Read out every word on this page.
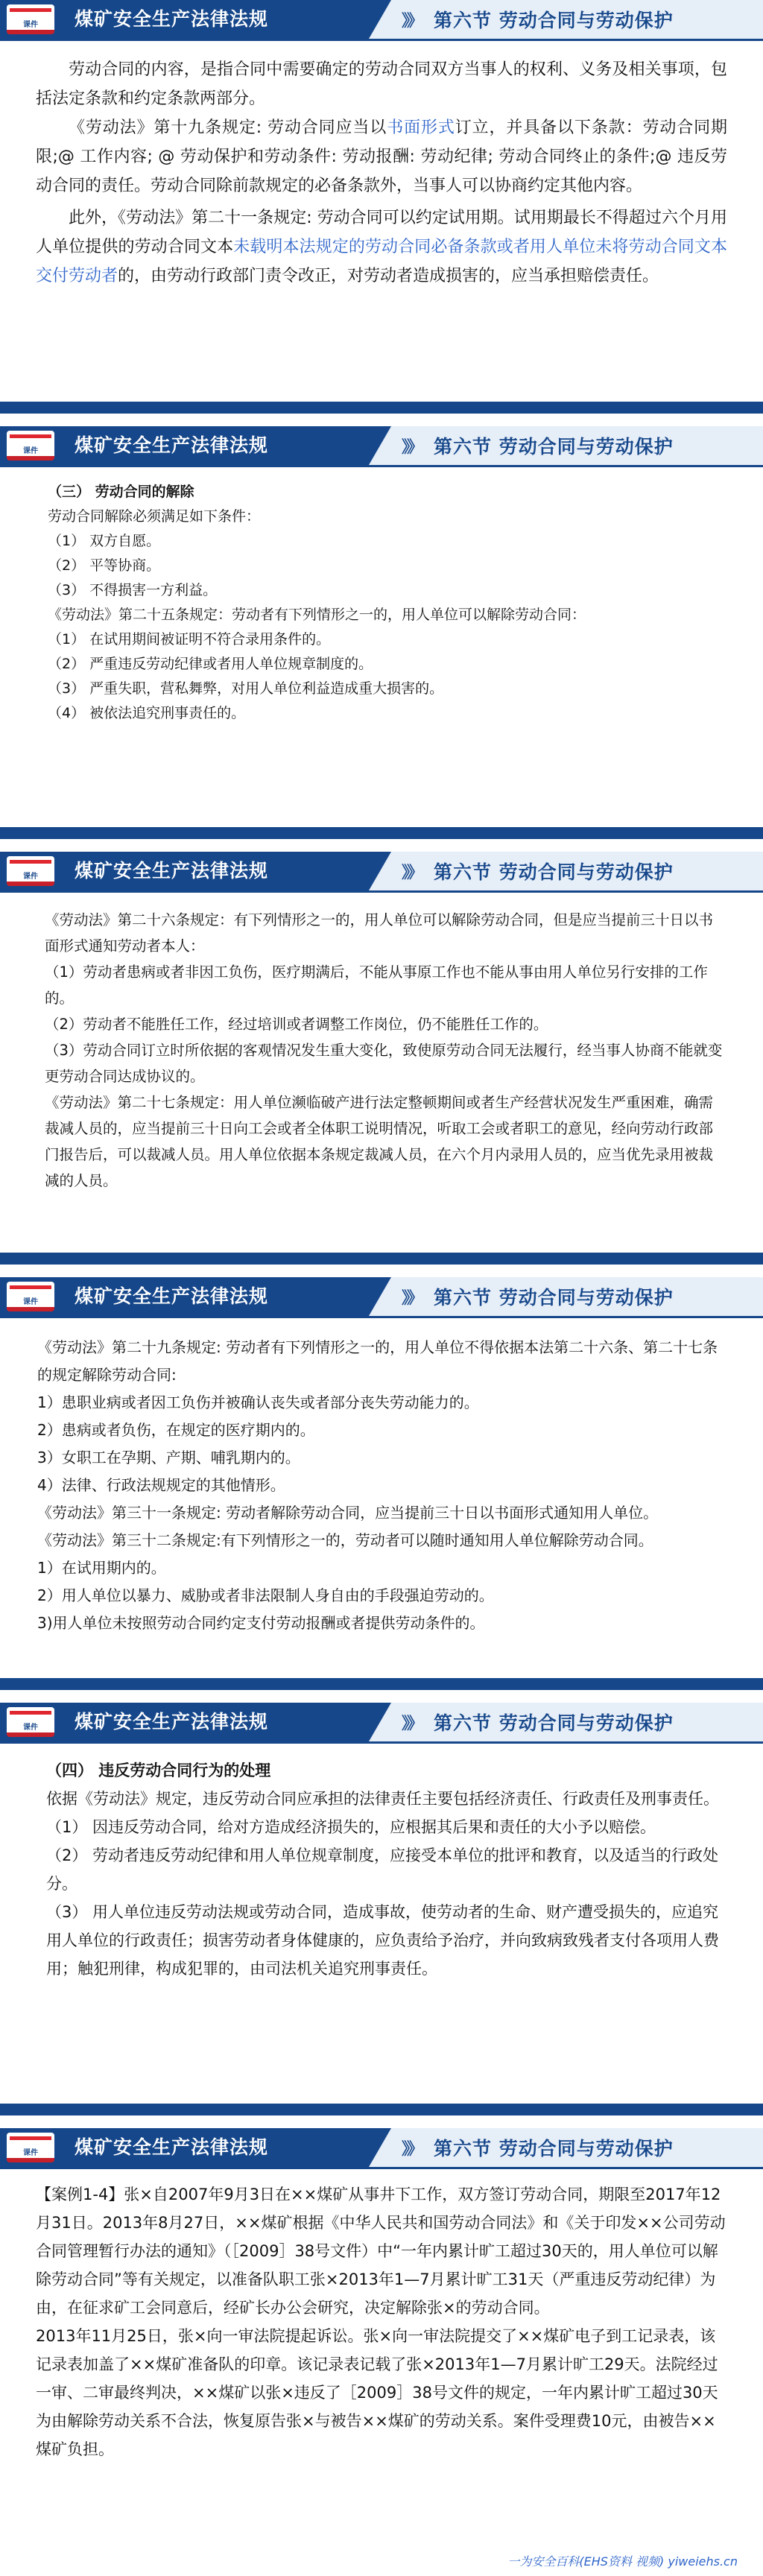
课件	煤矿安全生产法律法规	》》 第六节 劳动合同与劳动保护

劳动合同的内容，是指合同中需要确定的劳动合同双方当事人的权利、义务及相关事项，包括法定条款和约定条款两部分。

《劳动法》第十九条规定: 劳动合同应当以书面形式订立，并具备以下条款：劳动合同期限;@ 工作内容; @ 劳动保护和劳动条件: 劳动报酬: 劳动纪律; 劳动合同终止的条件;@ 违反劳动合同的责任。劳动合同除前款规定的必备条款外，当事人可以协商约定其他内容。

此外，《劳动法》第二十一条规定: 劳动合同可以约定试用期。试用期最长不得超过六个月用人单位提供的劳动合同文本未载明本法规定的劳动合同必备条款或者用人单位未将劳动合同文本交付劳动者的，由劳动行政部门责令改正，对劳动者造成损害的，应当承担赔偿责任。

课件	煤矿安全生产法律法规	》》 第六节 劳动合同与劳动保护

（三） 劳动合同的解除

劳动合同解除必须满足如下条件：

（1） 双方自愿。

（2） 平等协商。

（3） 不得损害一方利益。

《劳动法》第二十五条规定：劳动者有下列情形之一的，用人单位可以解除劳动合同：

（1） 在试用期间被证明不符合录用条件的。

（2） 严重违反劳动纪律或者用人单位规章制度的。

（3） 严重失职，营私舞弊，对用人单位利益造成重大损害的。

（4） 被依法追究刑事责任的。

课件	煤矿安全生产法律法规	》》 第六节 劳动合同与劳动保护

《劳动法》第二十六条规定：有下列情形之一的，用人单位可以解除劳动合同，但是应当提前三十日以书面形式通知劳动者本人：

（1）劳动者患病或者非因工负伤，医疗期满后，不能从事原工作也不能从事由用人单位另行安排的工作的。

（2）劳动者不能胜任工作，经过培训或者调整工作岗位，仍不能胜任工作的。

（3）劳动合同订立时所依据的客观情况发生重大变化，致使原劳动合同无法履行，经当事人协商不能就变更劳动合同达成协议的。

《劳动法》第二十七条规定：用人单位濒临破产进行法定整顿期间或者生产经营状况发生严重困难，确需裁减人员的，应当提前三十日向工会或者全体职工说明情况，听取工会或者职工的意见，经向劳动行政部门报告后，可以裁减人员。用人单位依据本条规定裁减人员，在六个月内录用人员的，应当优先录用被裁减的人员。

课件	煤矿安全生产法律法规	》》 第六节 劳动合同与劳动保护

《劳动法》第二十九条规定: 劳动者有下列情形之一的，用人单位不得依据本法第二十六条、第二十七条的规定解除劳动合同:

1）患职业病或者因工负伤并被确认丧失或者部分丧失劳动能力的。

2）患病或者负伤，在规定的医疗期内的。

3）女职工在孕期、产期、哺乳期内的。

4）法律、行政法规规定的其他情形。

《劳动法》第三十一条规定: 劳动者解除劳动合同，应当提前三十日以书面形式通知用人单位。

《劳动法》第三十二条规定:有下列情形之一的，劳动者可以随时通知用人单位解除劳动合同。

1）在试用期内的。

2）用人单位以暴力、威胁或者非法限制人身自由的手段强迫劳动的。

3)用人单位未按照劳动合同约定支付劳动报酬或者提供劳动条件的。

课件	煤矿安全生产法律法规	》》 第六节 劳动合同与劳动保护

（四） 违反劳动合同行为的处理

依据《劳动法》规定，违反劳动合同应承担的法律责任主要包括经济责任、行政责任及刑事责任。

（1） 因违反劳动合同，给对方造成经济损失的，应根据其后果和责任的大小予以赔偿。

（2） 劳动者违反劳动纪律和用人单位规章制度，应接受本单位的批评和教育，以及适当的行政处分。

（3） 用人单位违反劳动法规或劳动合同，造成事故，使劳动者的生命、财产遭受损失的，应追究用人单位的行政责任；损害劳动者身体健康的，应负责给予治疗，并向致病致残者支付各项用人费用；触犯刑律，构成犯罪的，由司法机关追究刑事责任。

课件	煤矿安全生产法律法规	》》 第六节 劳动合同与劳动保护

【案例1-4】张×自2007年9月3日在××煤矿从事井下工作，双方签订劳动合同，期限至2017年12月31日。2013年8月27日，××煤矿根据《中华人民共和国劳动合同法》和《关于印发××公司劳动合同管理暂行办法的通知》（［2009］38号文件）中“一年内累计旷工超过30天的，用人单位可以解除劳动合同”等有关规定，以准备队职工张×2013年1—7月累计旷工31天（严重违反劳动纪律）为由，在征求矿工会同意后，经矿长办公会研究，决定解除张×的劳动合同。

2013年11月25日，张×向一审法院提起诉讼。张×向一审法院提交了××煤矿电子到工记录表，该记录表加盖了××煤矿准备队的印章。该记录表记载了张×2013年1—7月累计旷工29天。法院经过一审、二审最终判决，××煤矿以张×违反了［2009］38号文件的规定，一年内累计旷工超过30天为由解除劳动关系不合法，恢复原告张×与被告××煤矿的劳动关系。案件受理费10元，由被告××煤矿负担。

一为安全百科(EHS资料 视频) yiweiehs.cn
